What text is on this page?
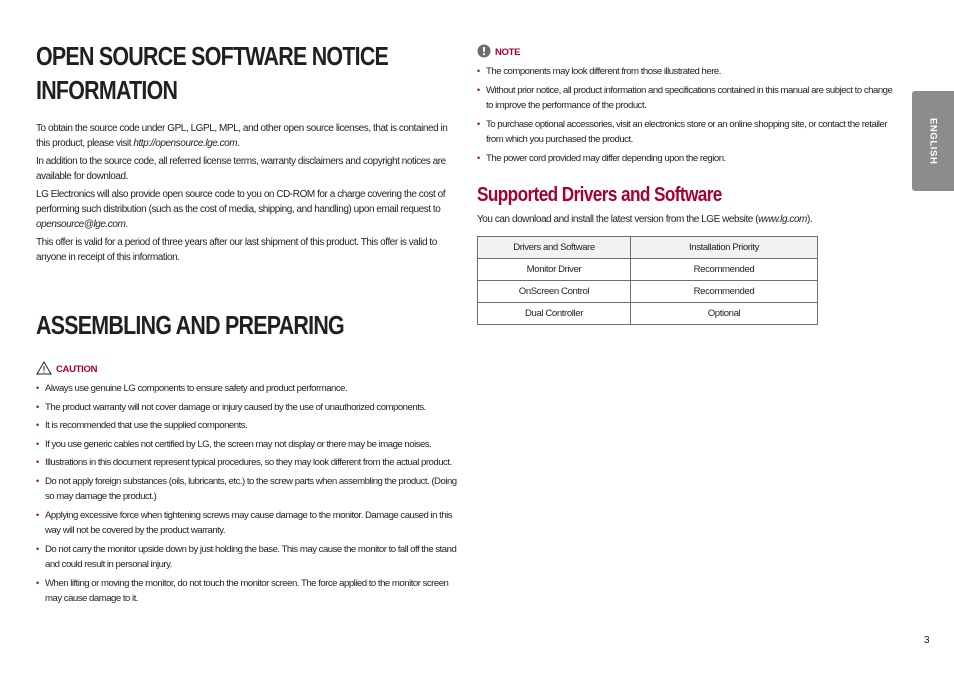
OPEN SOURCE SOFTWARE NOTICE
INFORMATION

To obtain the source code under GPL, LGPL, MPL, and other open source licenses, that is contained in this product, please visit http://opensource.lge.com.

In addition to the source code, all referred license terms, warranty disclaimers and copyright notices are available for download.

LG Electronics will also provide open source code to you on CD-ROM for a charge covering the cost of performing such distribution (such as the cost of media, shipping, and handling) upon email request to opensource@lge.com.

This offer is valid for a period of three years after our last shipment of this product. This offer is valid to anyone in receipt of this information.

ASSEMBLING AND PREPARING
CAUTION
• Always use genuine LG components to ensure safety and product performance.
• The product warranty will not cover damage or injury caused by the use of unauthorized components.
• It is recommended that use the supplied components.
• If you use generic cables not certified by LG, the screen may not display or there may be image noises.
• Illustrations in this document represent typical procedures, so they may look different from the actual product.
• Do not apply foreign substances (oils, lubricants, etc.) to the screw parts when assembling the product. (Doing so may damage the product.)
• Applying excessive force when tightening screws may cause damage to the monitor. Damage caused in this way will not be covered by the product warranty.
• Do not carry the monitor upside down by just holding the base. This may cause the monitor to fall off the stand and could result in personal injury.
• When lifting or moving the monitor, do not touch the monitor screen. The force applied to the monitor screen may cause damage to it.
NOTE
• The components may look different from those illustrated here.
• Without prior notice, all product information and specifications contained in this manual are subject to change to improve the performance of the product.
• To purchase optional accessories, visit an electronics store or an online shopping site, or contact the retailer from which you purchased the product.
• The power cord provided may differ depending upon the region.
Supported Drivers and Software

You can download and install the latest version from the LGE website (www.lg.com).

Drivers and Software	Installation Priority
Monitor Driver	Recommended
OnScreen Control	Recommended
Dual Controller	Optional
ENGLISH
3
